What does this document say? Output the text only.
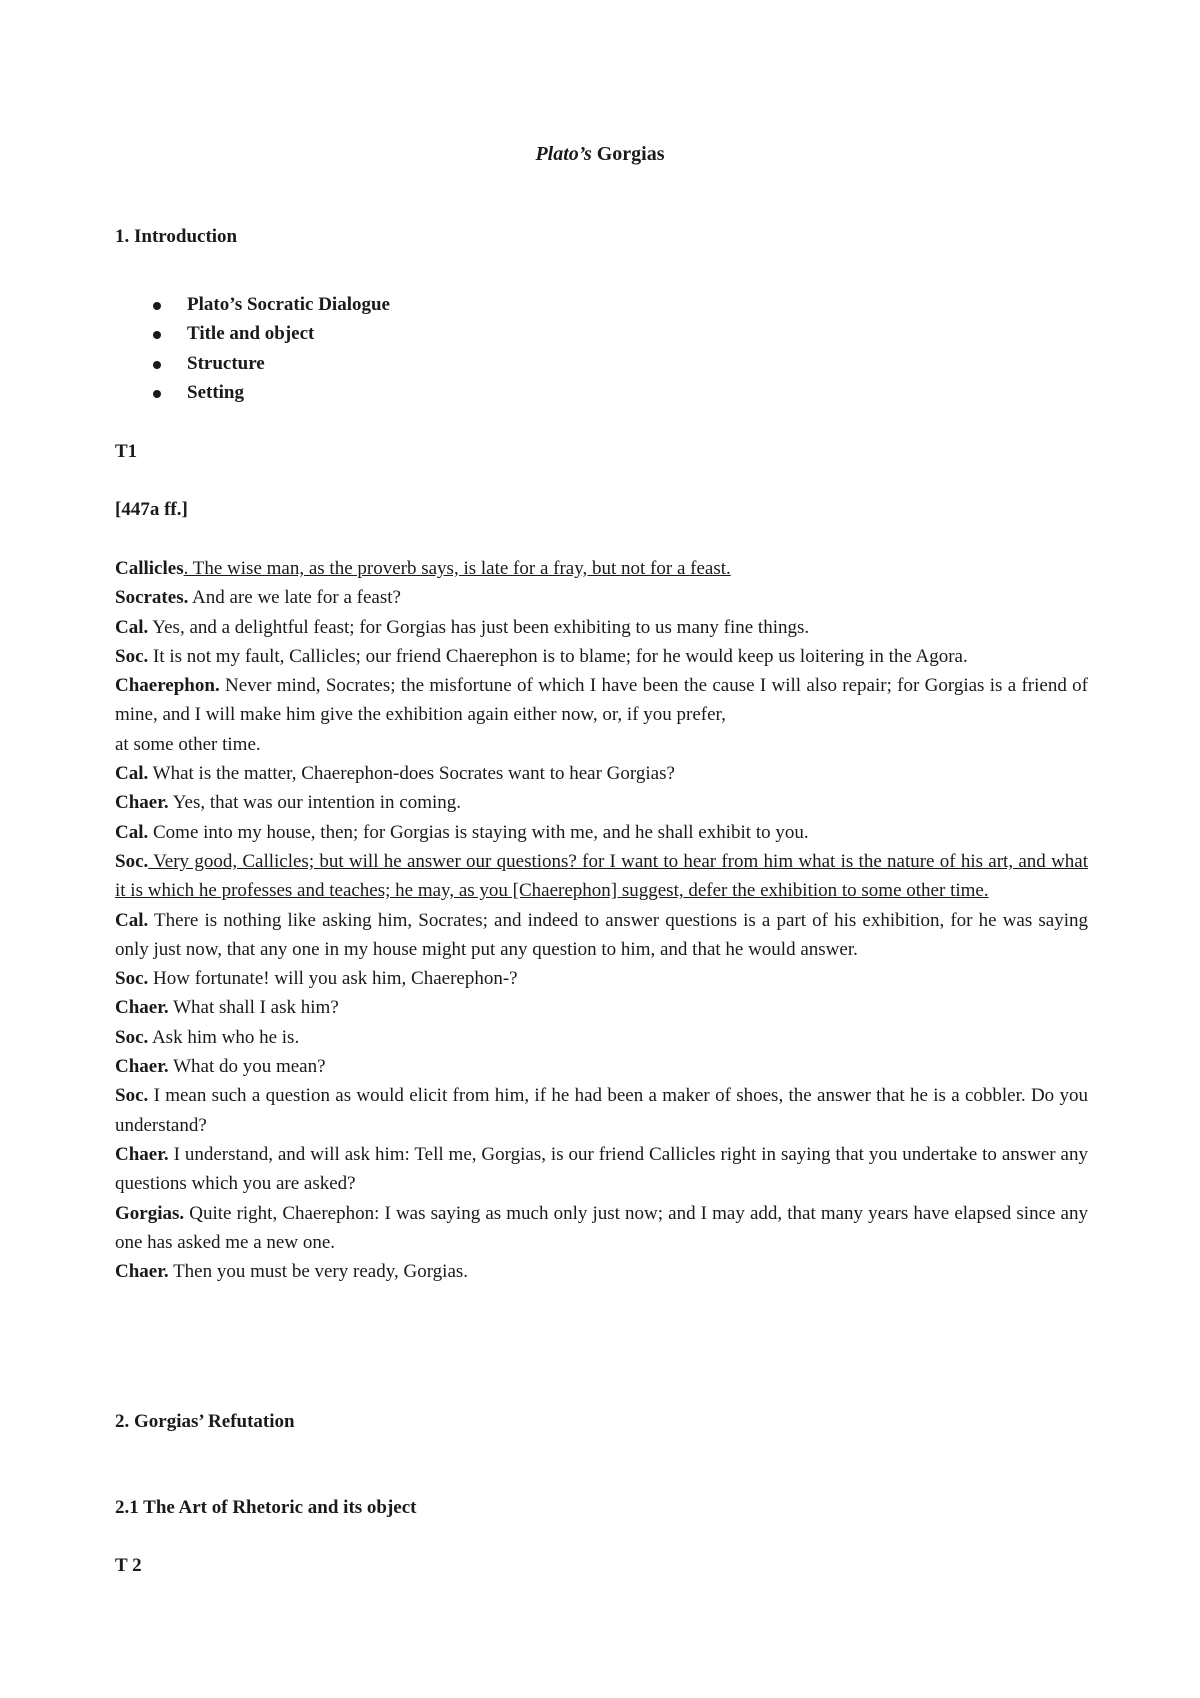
Plato’s Gorgias
1. Introduction
Plato’s Socratic Dialogue
Title and object
Structure
Setting
T1
[447a ff.]

Callicles. The wise man, as the proverb says, is late for a fray, but not for a feast.

Socrates. And are we late for a feast?

Cal. Yes, and a delightful feast; for Gorgias has just been exhibiting to us many fine things.

Soc. It is not my fault, Callicles; our friend Chaerephon is to blame; for he would keep us loitering in the Agora.

Chaerephon. Never mind, Socrates; the misfortune of which I have been the cause I will also repair; for Gorgias is a friend of mine, and I will make him give the exhibition again either now, or, if you prefer,

at some other time.

Cal. What is the matter, Chaerephon-does Socrates want to hear Gorgias?

Chaer. Yes, that was our intention in coming.

Cal. Come into my house, then; for Gorgias is staying with me, and he shall exhibit to you.

Soc. Very good, Callicles; but will he answer our questions? for I want to hear from him what is the nature of his art, and what it is which he professes and teaches; he may, as you [Chaerephon] suggest, defer the exhibition to some other time.

Cal. There is nothing like asking him, Socrates; and indeed to answer questions is a part of his exhibition, for he was saying only just now, that any one in my house might put any question to him, and that he would answer.

Soc. How fortunate! will you ask him, Chaerephon-?

Chaer. What shall I ask him?

Soc. Ask him who he is.

Chaer. What do you mean?

Soc. I mean such a question as would elicit from him, if he had been a maker of shoes, the answer that he is a cobbler. Do you understand?

Chaer. I understand, and will ask him: Tell me, Gorgias, is our friend Callicles right in saying that you undertake to answer any questions which you are asked?

Gorgias. Quite right, Chaerephon: I was saying as much only just now; and I may add, that many years have elapsed since any one has asked me a new one.

Chaer. Then you must be very ready, Gorgias.

2. Gorgias’ Refutation
2.1 The Art of Rhetoric and its object
T 2
